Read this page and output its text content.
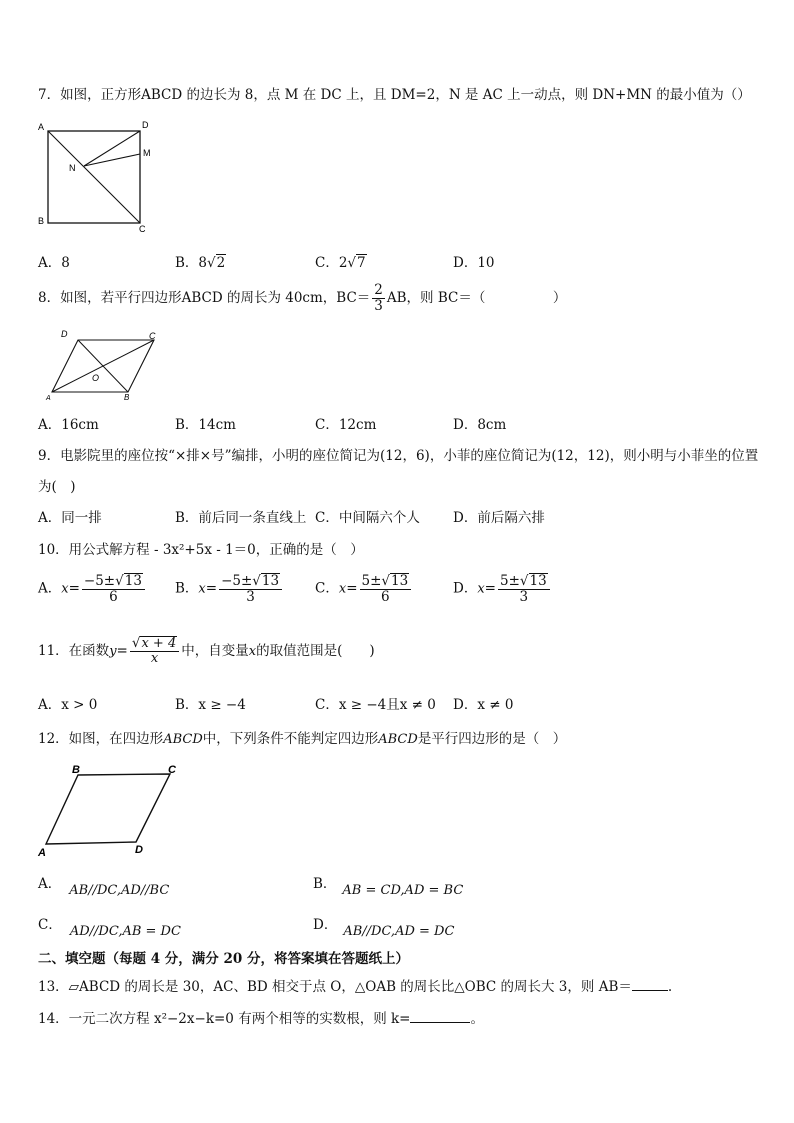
7．如图，正方形ABCD 的边长为 8，点 M 在 DC 上，且 DM=2，N 是 AC 上一动点，则 DN+MN 的最小值为（）
A	D
M
N
B
C
A．8	B．8 √ 2	C．2 √ 7	D．10
8．如图，若平行四边形ABCD 的周长为 40cm，$BC= \frac{2}{3}$ AB，则 BC＝（　　　　　）
D	C
O
A	B
A．16cm	B．14cm	C．12cm	D．8cm
9．电影院里的座位按“×排×号”编排，小明的座位简记为(12，6)，小菲的座位简记为(12，12)，则小明与小菲坐的位置
为(　)
A．同一排	B．前后同一条直线上 C．中间隔六个人 D．前后隔六排
10．用公式解方程 - 3x²+5x - 1＝0，正确的是（　）
A．$x= \frac{-5\pm √ 13}{6}$ B．$x= \frac{-5\pm √ 13}{3}$ C．$x= \frac{5\pm √ 13}{6}$	D．$x= \frac{5\pm √ 13}{3}$
11．在函数$y= \frac{√ x + 4}{x}$ 中，自变量x的取值范围是(　　)
A．x > 0	B．x ≥ −4	C．x ≥ −4且x ≠ 0 D．x ≠ 0
12．如图，在四边形ABCD中，下列条件不能判定四边形ABCD是平行四边形的是（　）
B	C
A	D
A． AB//DC,AD//BC	B． AB = CD,AD = BC
C． AD//DC,AB = DC	D． AB//DC,AD = DC
二、填空题（每题 4 分，满分 20 分，将答案填在答题纸上）
13．▱ABCD 的周长是 30，AC、BD 相交于点 O，△OAB 的周长比△OBC 的周长大 3，则 AB＝	.
14．一元二次方程 x²−2x−k=0 有两个相等的实数根，则 k=	。
